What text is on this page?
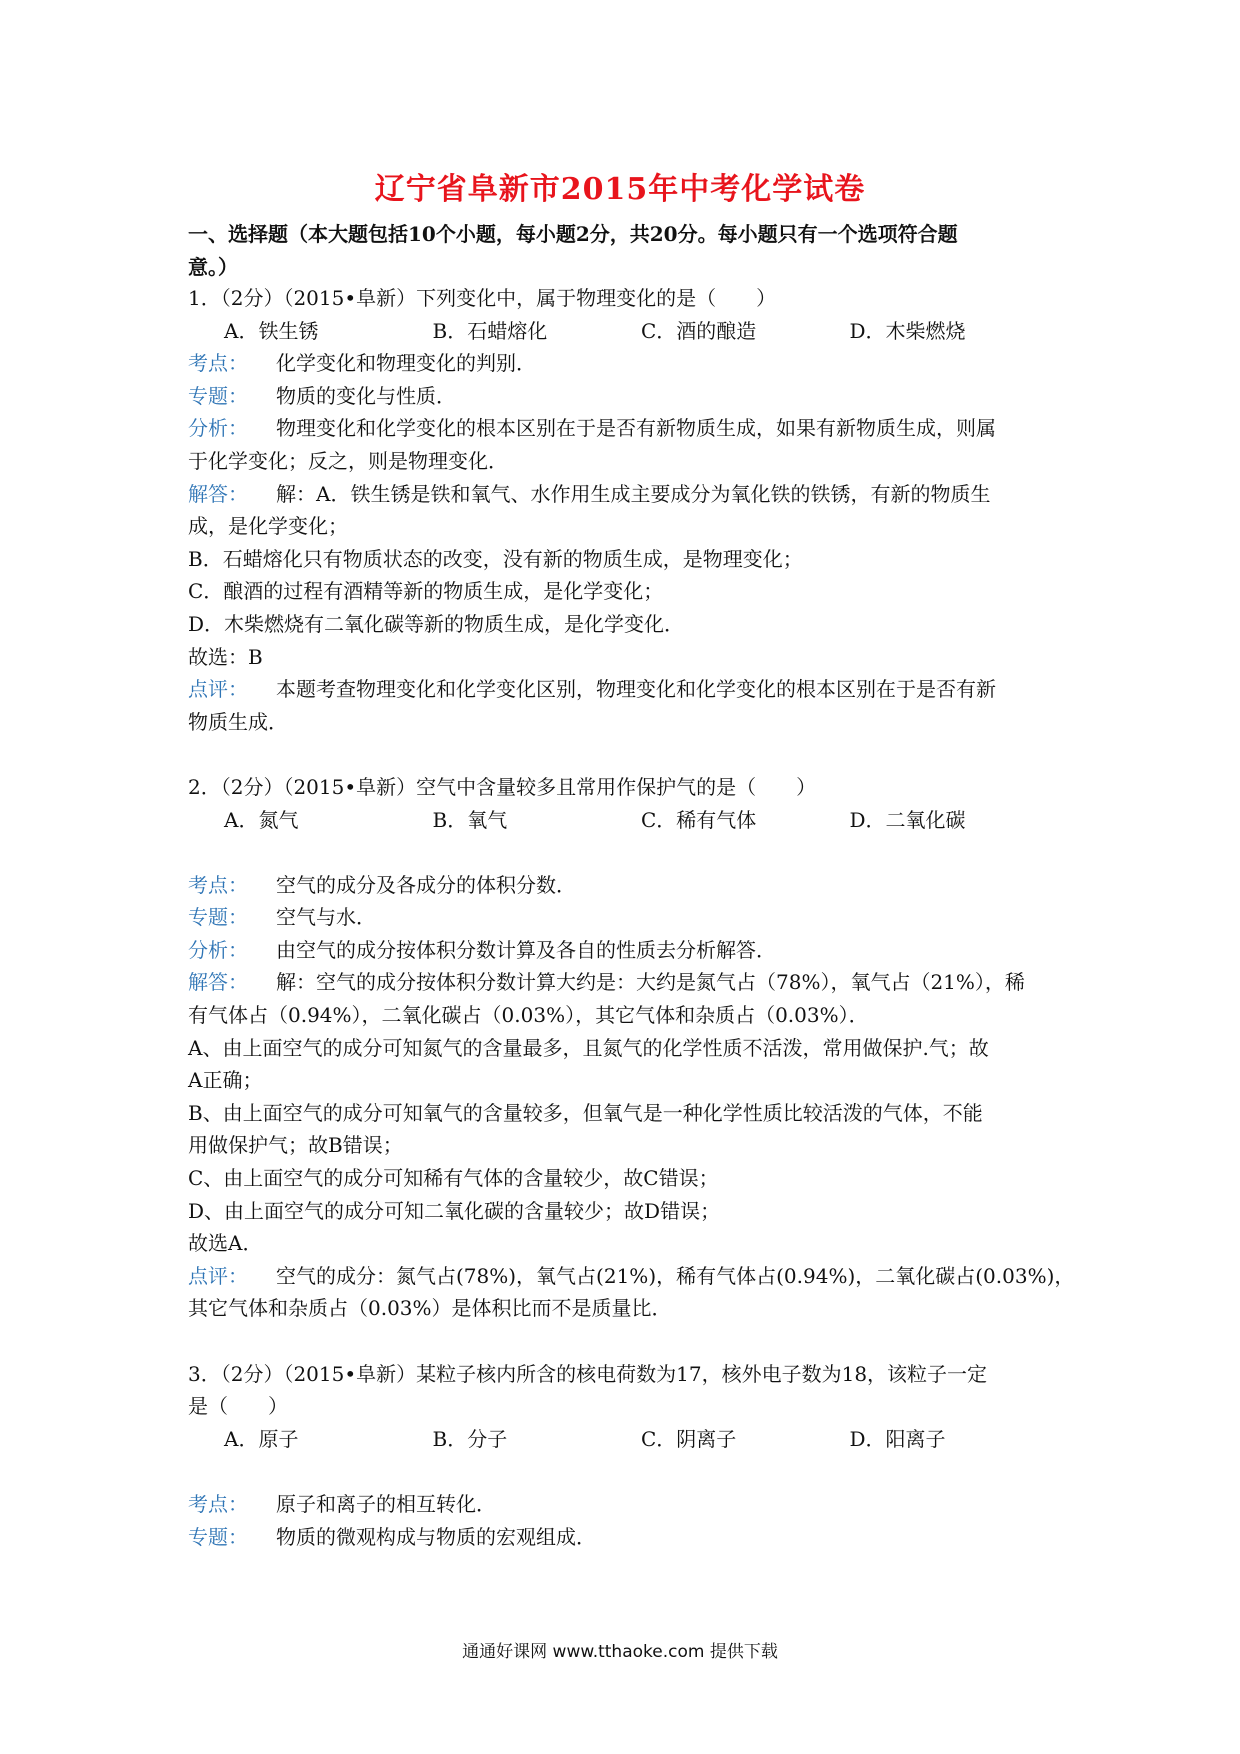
辽宁省阜新市2015年中考化学试卷
一、选择题（本大题包括10个小题，每小题2分，共20分。每小题只有一个选项符合题
意。）
1．（2分）（2015•阜新）下列变化中，属于物理变化的是（　　）
A．铁生锈	B．石蜡熔化	C．酒的酿造	D．木柴燃烧
考点： 化学变化和物理变化的判别．
专题： 物质的变化与性质．
分析： 物理变化和化学变化的根本区别在于是否有新物质生成，如果有新物质生成，则属
于化学变化；反之，则是物理变化．
解答： 解：A．铁生锈是铁和氧气、水作用生成主要成分为氧化铁的铁锈，有新的物质生
成，是化学变化；
B．石蜡熔化只有物质状态的改变，没有新的物质生成，是物理变化；
C．酿酒的过程有酒精等新的物质生成，是化学变化；
D．木柴燃烧有二氧化碳等新的物质生成，是化学变化．
故选：B
点评： 本题考查物理变化和化学变化区别，物理变化和化学变化的根本区别在于是否有新
物质生成．
2．（2分）（2015•阜新）空气中含量较多且常用作保护气的是（　　）
A．氮气	B．氧气	C．稀有气体	D．二氧化碳
考点： 空气的成分及各成分的体积分数．
专题： 空气与水．
分析： 由空气的成分按体积分数计算及各自的性质去分析解答．
解答： 解：空气的成分按体积分数计算大约是：大约是氮气占（78%），氧气占（21%），稀
有气体占（0.94%），二氧化碳占（0.03%），其它气体和杂质占（0.03%）．
A、由上面空气的成分可知氮气的含量最多，且氮气的化学性质不活泼，常用做保护.气；故
A正确；
B、由上面空气的成分可知氧气的含量较多，但氧气是一种化学性质比较活泼的气体，不能
用做保护气；故B错误；
C、由上面空气的成分可知稀有气体的含量较少，故C错误；
D、由上面空气的成分可知二氧化碳的含量较少；故D错误；
故选A．
点评： 空气的成分：氮气占(78%)，氧气占(21%)，稀有气体占(0.94%)，二氧化碳占(0.03%)，
其它气体和杂质占（0.03%）是体积比而不是质量比．
3．（2分）（2015•阜新）某粒子核内所含的核电荷数为17，核外电子数为18，该粒子一定
是（　　）
A．原子	B．分子	C．阴离子	D．阳离子
考点： 原子和离子的相互转化．
专题： 物质的微观构成与物质的宏观组成．
通通好课网 www.tthaoke.com 提供下载
